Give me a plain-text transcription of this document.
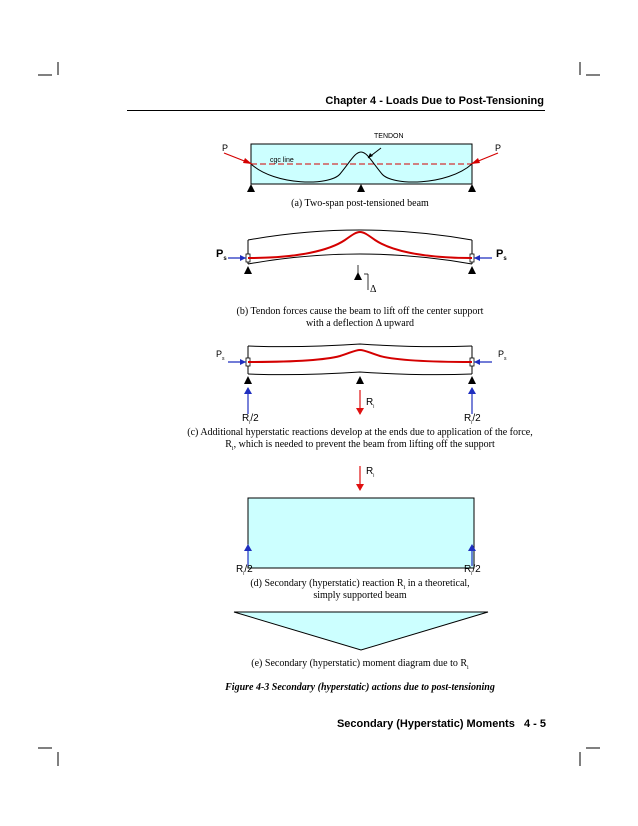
Chapter 4 - Loads Due to Post-Tensioning
TENDON
cgc line
P	P
(a) Two-span post-tensioned beam
$P_s$	$P_s$
Δ
(b) Tendon forces cause the beam to lift off the center support
with a deflection Δ upward
$P_s$	$P_s$
$R_i$
$R_i/2$	$R_i/2$
(c) Additional hyperstatic reactions develop at the ends due to application of the force,
$R_i$, which is needed to prevent the beam from lifting off the support
$R_i$
$R_i/2$	$R_i/2$
(d) Secondary (hyperstatic) reaction $R_i$ in a theoretical,
simply supported beam
(e) Secondary (hyperstatic) moment diagram due to $R_i$
Figure 4-3 Secondary (hyperstatic) actions due to post-tensioning
Secondary (Hyperstatic) Moments   4 - 5
